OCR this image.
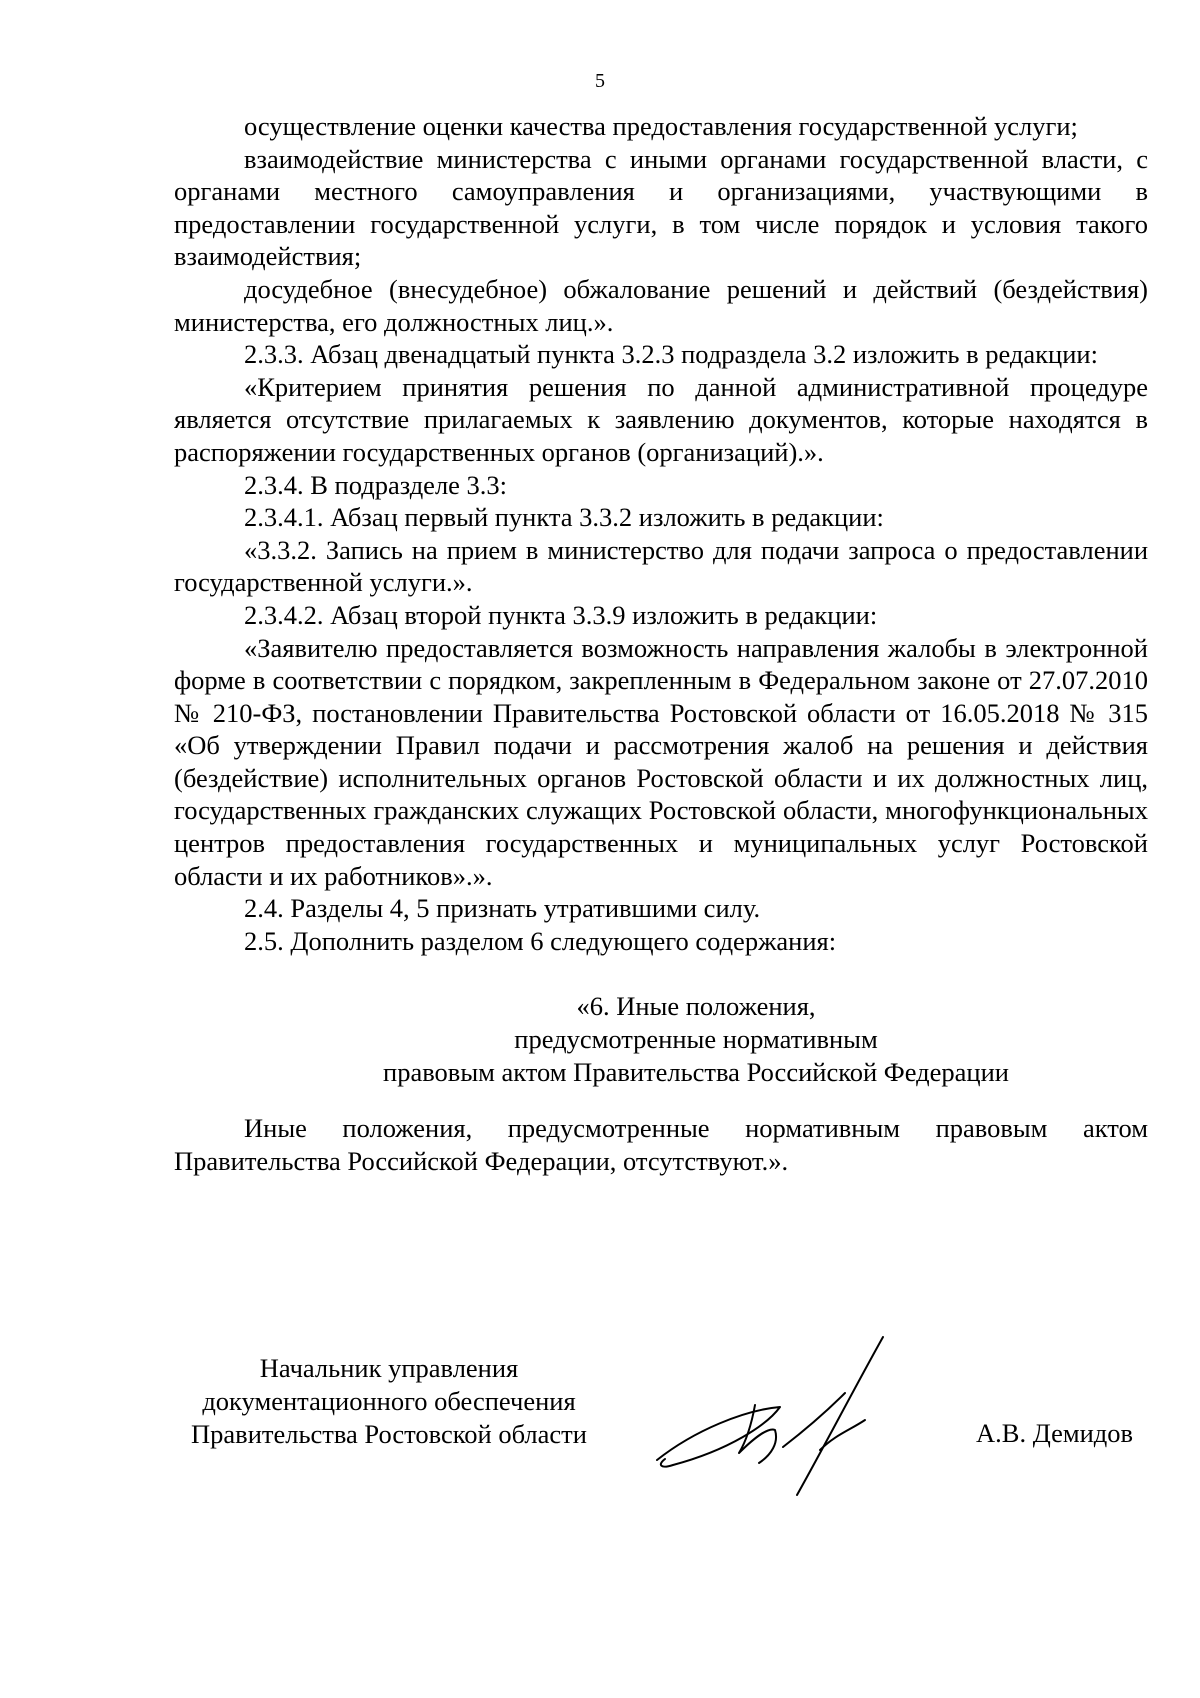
5

осуществление оценки качества предоставления государственной услуги;

взаимодействие министерства с иными органами государственной власти, с органами местного самоуправления и организациями, участвующими в предоставлении государственной услуги, в том числе порядок и условия такого взаимодействия;

досудебное (внесудебное) обжалование решений и действий (бездействия) министерства, его должностных лиц.».

2.3.3. Абзац двенадцатый пункта 3.2.3 подраздела 3.2 изложить в редакции:

«Критерием принятия решения по данной административной процедуре является отсутствие прилагаемых к заявлению документов, которые находятся в распоряжении государственных органов (организаций).».

2.3.4. В подразделе 3.3:

2.3.4.1. Абзац первый пункта 3.3.2 изложить в редакции:

«3.3.2. Запись на прием в министерство для подачи запроса о предоставлении государственной услуги.».

2.3.4.2. Абзац второй пункта 3.3.9 изложить в редакции:

«Заявителю предоставляется возможность направления жалобы в электронной форме в соответствии с порядком, закрепленным в Федеральном законе от 27.07.2010 № 210-ФЗ, постановлении Правительства Ростовской области от 16.05.2018 № 315 «Об утверждении Правил подачи и рассмотрения жалоб на решения и действия (бездействие) исполнительных органов Ростовской области и их должностных лиц, государственных гражданских служащих Ростовской области, многофункциональных центров предоставления государственных и муниципальных услуг Ростовской области и их работников».».

2.4. Разделы 4, 5 признать утратившими силу.

2.5. Дополнить разделом 6 следующего содержания:

«6. Иные положения,
предусмотренные нормативным
правовым актом Правительства Российской Федерации

Иные положения, предусмотренные нормативным правовым актом Правительства Российской Федерации, отсутствуют.».

Начальник управления
документационного обеспечения
Правительства Ростовской области	А.В. Демидов
